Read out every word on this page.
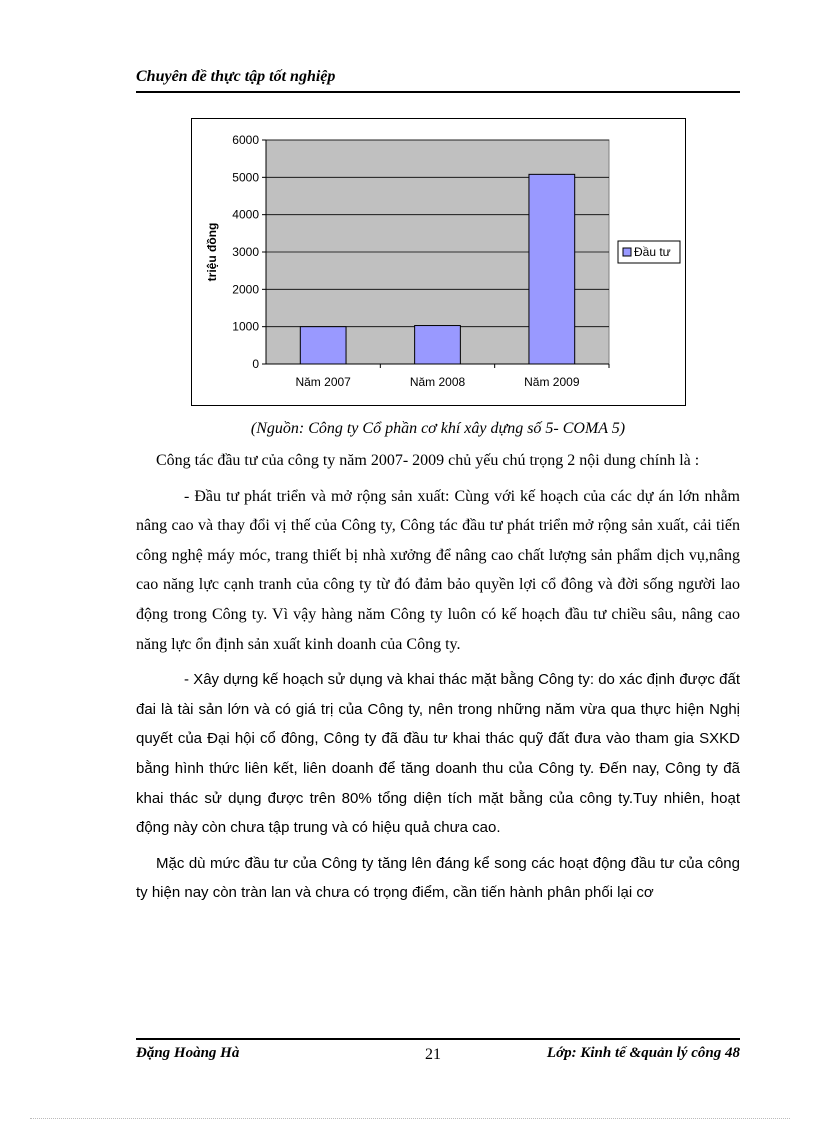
Chuyên đề thực tập tốt nghiệp
0
1000
2000
3000
4000
5000
6000
Năm 2007	Năm 2008	Năm 2009
triệu đồng	Đầu tư
(Nguồn: Công ty Cổ phần cơ khí xây dựng số 5- COMA 5)

Công tác đầu tư của công ty năm 2007- 2009 chủ yếu chú trọng 2 nội dung chính là :

- Đầu tư phát triển và mở rộng sản xuất: Cùng với kế hoạch của các dự án lớn nhằm nâng cao và thay đổi vị thế của Công ty, Công tác đầu tư phát triển mở rộng sản xuất, cải tiến công nghệ máy móc, trang thiết bị nhà xưởng để nâng cao chất lượng sản phẩm dịch vụ,nâng cao năng lực cạnh tranh của công ty từ đó đảm bảo quyền lợi cổ đông và đời sống người lao động trong Công ty. Vì vậy hàng năm Công ty luôn có kế hoạch đầu tư chiều sâu, nâng cao năng lực ổn định sản xuất kinh doanh của Công ty.

- Xây dựng kế hoạch sử dụng và khai thác mặt bằng Công ty: do xác định được đất đai là tài sản lớn và có giá trị của Công ty, nên trong những năm vừa qua thực hiện Nghị quyết của Đại hội cổ đông, Công ty đã đầu tư khai thác quỹ đất đưa vào tham gia SXKD bằng hình thức liên kết, liên doanh để tăng doanh thu của Công ty. Đến nay, Công ty đã khai thác sử dụng được trên 80% tổng diện tích mặt bằng của công ty.Tuy nhiên, hoạt động này còn chưa tập trung và có hiệu quả chưa cao.

Mặc dù mức đầu tư của Công ty tăng lên đáng kể song các hoạt động đầu tư của công ty hiện nay còn tràn lan và chưa có trọng điểm, cần tiến hành phân phối lại cơ

Đặng Hoàng Hà	21	Lớp: Kinh tế &quản lý công 48
